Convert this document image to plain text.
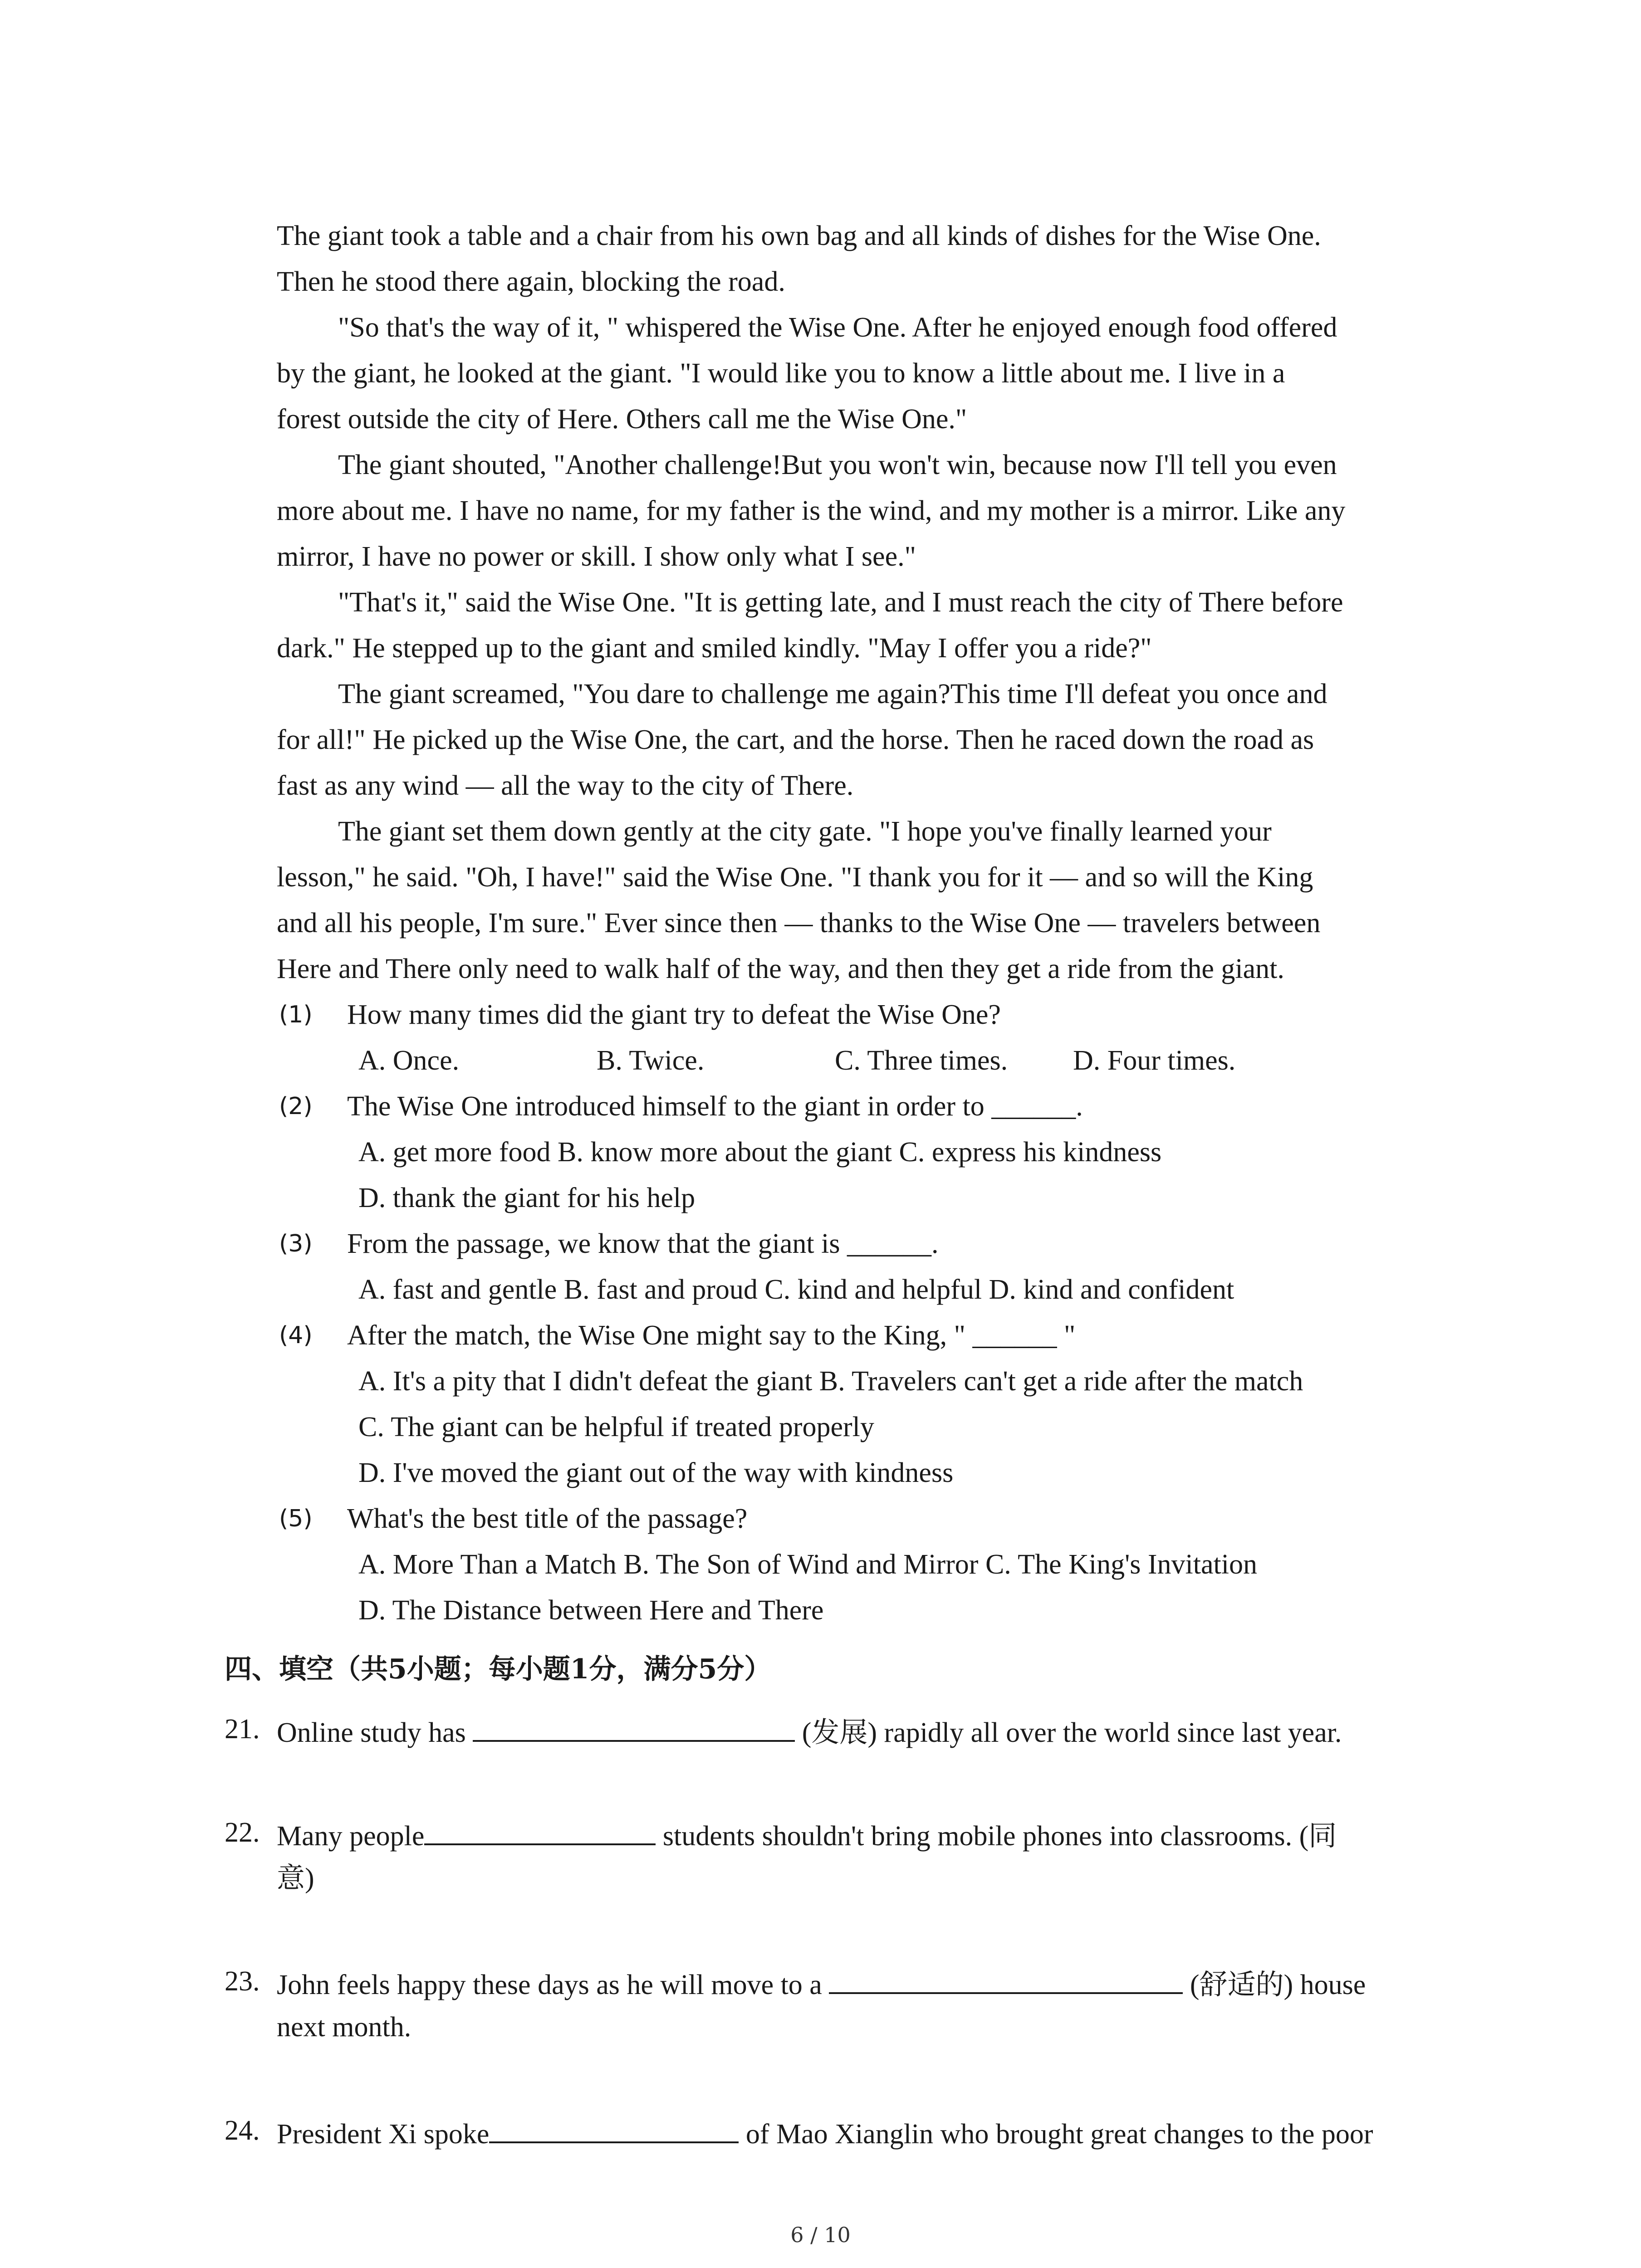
The giant took a table and a chair from his own bag and all kinds of dishes for the Wise One.
Then he stood there again, blocking the road.
"So that's the way of it, " whispered the Wise One. After he enjoyed enough food offered
by the giant, he looked at the giant. "I would like you to know a little about me. I live in a
forest outside the city of Here. Others call me the Wise One."
The giant shouted, "Another challenge!But you won't win, because now I'll tell you even
more about me. I have no name, for my father is the wind, and my mother is a mirror. Like any
mirror, I have no power or skill. I show only what I see."
"That's it," said the Wise One. "It is getting late, and I must reach the city of There before
dark." He stepped up to the giant and smiled kindly. "May I offer you a ride?"
The giant screamed, "You dare to challenge me again?This time I'll defeat you once and
for all!" He picked up the Wise One, the cart, and the horse. Then he raced down the road as
fast as any wind — all the way to the city of There.
The giant set them down gently at the city gate. "I hope you've finally learned your
lesson," he said. "Oh, I have!" said the Wise One. "I thank you for it — and so will the King
and all his people, I'm sure." Ever since then — thanks to the Wise One — travelers between
Here and There only need to walk half of the way, and then they get a ride from the giant.
(1) How many times did the giant try to defeat the Wise One?
A. Once.	B. Twice.	C. Three times. D. Four times.
(2) The Wise One introduced himself to the giant in order to ______.
A. get more food B. know more about the giant C. express his kindness
D. thank the giant for his help
(3) From the passage, we know that the giant is ______.
A. fast and gentle B. fast and proud C. kind and helpful D. kind and confident
(4) After the match, the Wise One might say to the King, " ______ "
A. It's a pity that I didn't defeat the giant B. Travelers can't get a ride after the match
C. The giant can be helpful if treated properly
D. I've moved the giant out of the way with kindness
(5) What's the best title of the passage?
A. More Than a Match B. The Son of Wind and Mirror C. The King's Invitation
D. The Distance between Here and There
四、填空（共5小题；每小题1分，满分5分）
21. Online study has	(发展) rapidly all over the world since last year.
22. Many people	students shouldn't bring mobile phones into classrooms. (同
意)
23. John feels happy these days as he will move to a	(舒适的) house
next month.
24. President Xi spoke	of Mao Xianglin who brought great changes to the poor
6 / 10
